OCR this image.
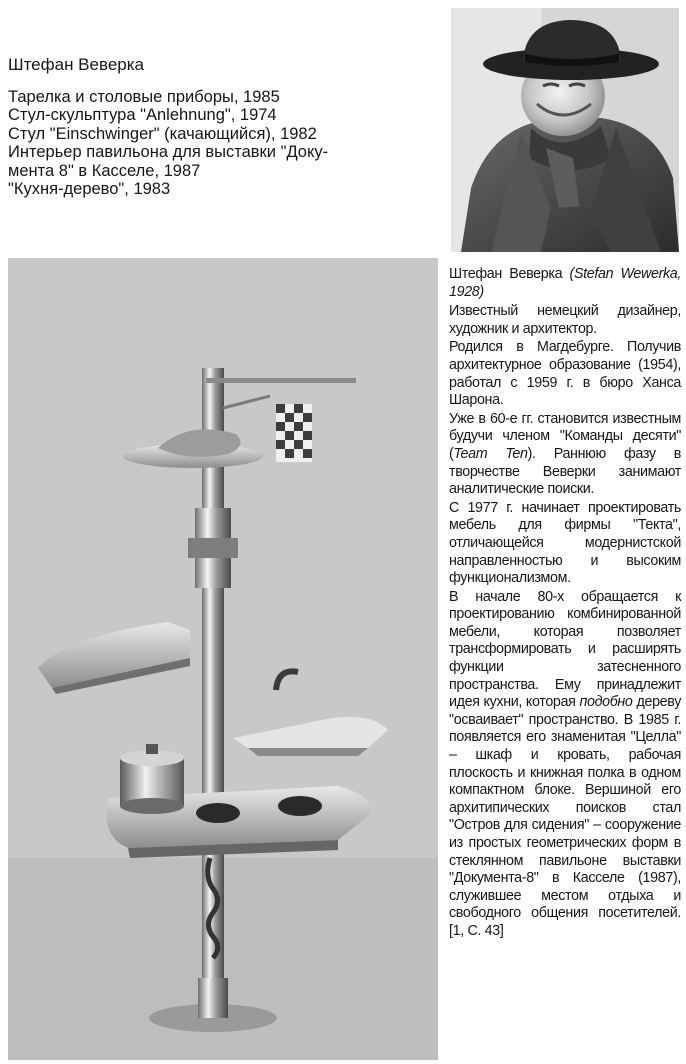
Штефан Веверка
Тарелка и столовые приборы, 1985
Стул-скульптура "Anlehnung", 1974
Стул "Einschwinger" (качающийся), 1982
Интерьер павильона для выставки "Доку-
мента 8" в Касселе, 1987
"Кухня-дерево", 1983

Штефан Веверка (Stefan Wewerka, 1928)

Известный немецкий дизайнер, художник и архитектор.

Родился в Магдебурге. Получив архитектурное образование (1954), работал с 1959 г. в бюро Ханса Шарона.

Уже в 60-е гг. становится известным будучи членом "Команды десяти" (Team Ten). Раннюю фазу в творчестве Веверки занимают аналитические поиски.

С 1977 г. начинает проектировать мебель для фирмы "Текта", отличающейся модернистской направленностью и высоким функционализмом.

В начале 80-х обращается к проектированию комбинированной мебели, которая позволяет трансформировать и расширять функции затесненного пространства. Ему принадлежит идея кухни, которая подобно дереву "осваивает" пространство. В 1985 г. появляется его знаменитая "Целла" – шкаф и кровать, рабочая плоскость и книжная полка в одном компактном блоке. Вершиной его архитипических поисков стал "Остров для сидения" – сооружение из простых геометрических форм в стеклянном павильоне выставки "Документа-8" в Касселе (1987), служившее местом отдыха и свободного общения посетителей. [1, С. 43]
